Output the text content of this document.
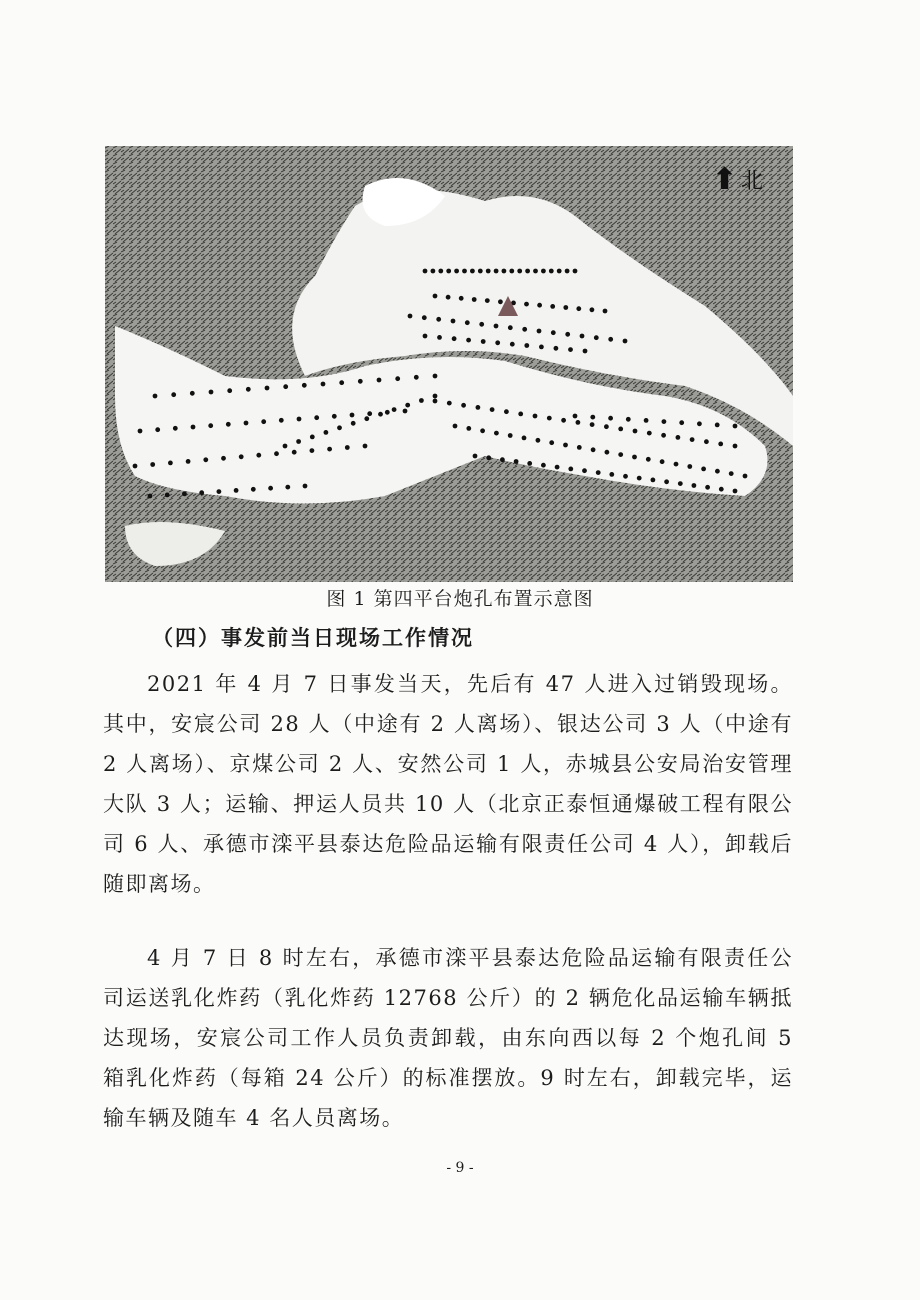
⬆ 北
图 1 第四平台炮孔布置示意图
（四）事发前当日现场工作情况
2021 年 4 月 7 日事发当天，先后有 47 人进入过销毁现场。其中，安宸公司 28 人（中途有 2 人离场）、银达公司 3 人（中途有 2 人离场）、京煤公司 2 人、安然公司 1 人，赤城县公安局治安管理大队 3 人；运输、押运人员共 10 人（北京正泰恒通爆破工程有限公司 6 人、承德市滦平县泰达危险品运输有限责任公司 4 人），卸载后随即离场。
4 月 7 日 8 时左右，承德市滦平县泰达危险品运输有限责任公司运送乳化炸药（乳化炸药 12768 公斤）的 2 辆危化品运输车辆抵达现场，安宸公司工作人员负责卸载，由东向西以每 2 个炮孔间 5 箱乳化炸药（每箱 24 公斤）的标准摆放。9 时左右，卸载完毕，运输车辆及随车 4 名人员离场。
- 9 -
